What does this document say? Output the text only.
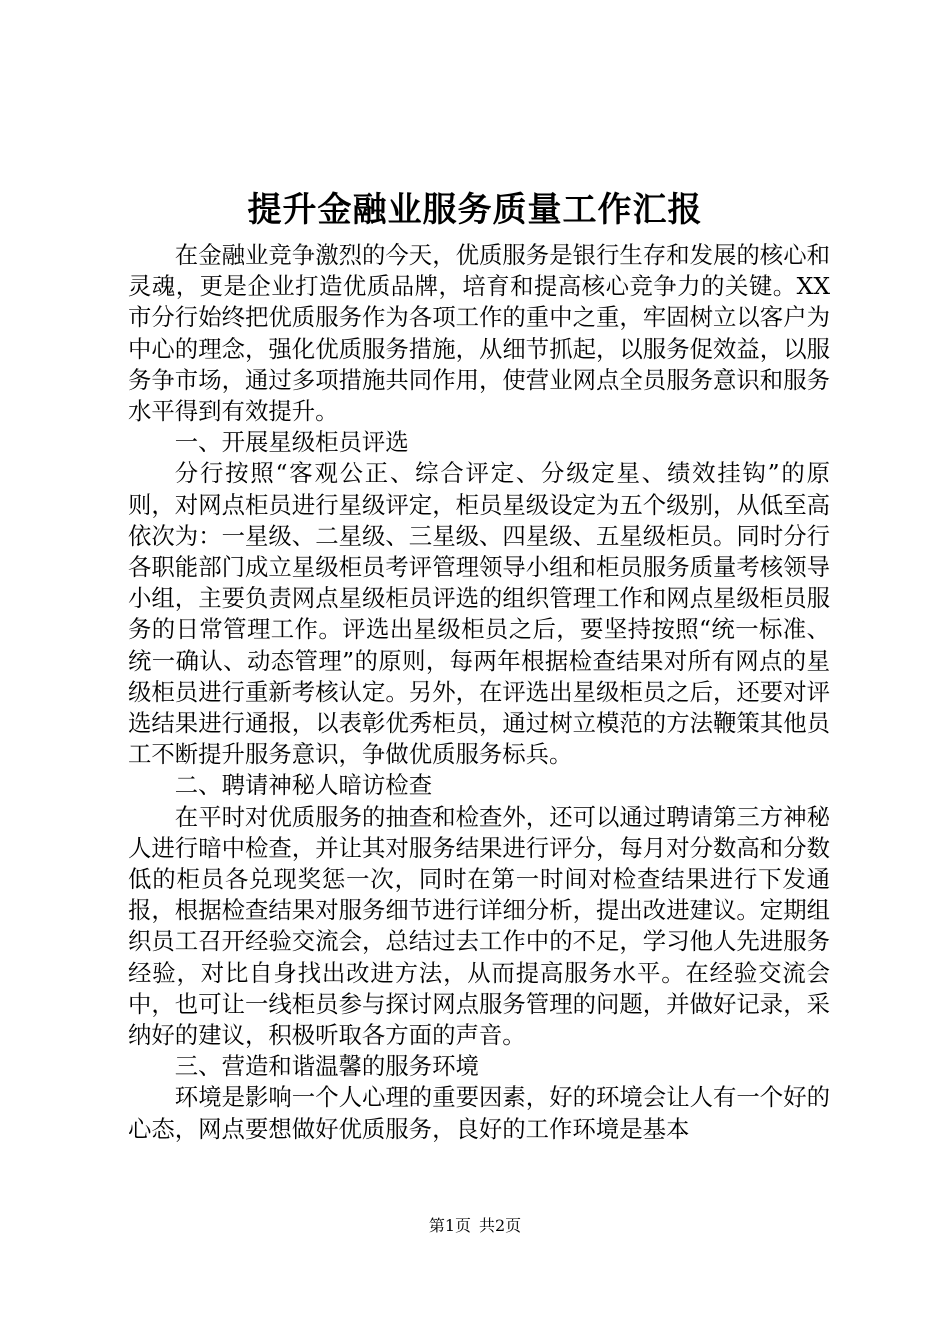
提升金融业服务质量工作汇报

在金融业竞争激烈的今天，优质服务是银行生存和发展的核心和灵魂，更是企业打造优质品牌，培育和提高核心竞争力的关键。XX市分行始终把优质服务作为各项工作的重中之重，牢固树立以客户为中心的理念，强化优质服务措施，从细节抓起，以服务促效益，以服务争市场，通过多项措施共同作用，使营业网点全员服务意识和服务水平得到有效提升。

一、开展星级柜员评选

分行按照“客观公正、综合评定、分级定星、绩效挂钩”的原则，对网点柜员进行星级评定，柜员星级设定为五个级别，从低至高依次为：一星级、二星级、三星级、四星级、五星级柜员。同时分行各职能部门成立星级柜员考评管理领导小组和柜员服务质量考核领导小组，主要负责网点星级柜员评选的组织管理工作和网点星级柜员服务的日常管理工作。评选出星级柜员之后，要坚持按照“统一标准、统一确认、动态管理”的原则，每两年根据检查结果对所有网点的星级柜员进行重新考核认定。另外，在评选出星级柜员之后，还要对评选结果进行通报，以表彰优秀柜员，通过树立模范的方法鞭策其他员工不断提升服务意识，争做优质服务标兵。

二、聘请神秘人暗访检查

在平时对优质服务的抽查和检查外，还可以通过聘请第三方神秘人进行暗中检查，并让其对服务结果进行评分，每月对分数高和分数低的柜员各兑现奖惩一次，同时在第一时间对检查结果进行下发通报，根据检查结果对服务细节进行详细分析，提出改进建议。定期组织员工召开经验交流会，总结过去工作中的不足，学习他人先进服务经验，对比自身找出改进方法，从而提高服务水平。在经验交流会中，也可让一线柜员参与探讨网点服务管理的问题，并做好记录，采纳好的建议，积极听取各方面的声音。

三、营造和谐温馨的服务环境

环境是影响一个人心理的重要因素，好的环境会让人有一个好的心态，网点要想做好优质服务，良好的工作环境是基本

第1页 共2页
